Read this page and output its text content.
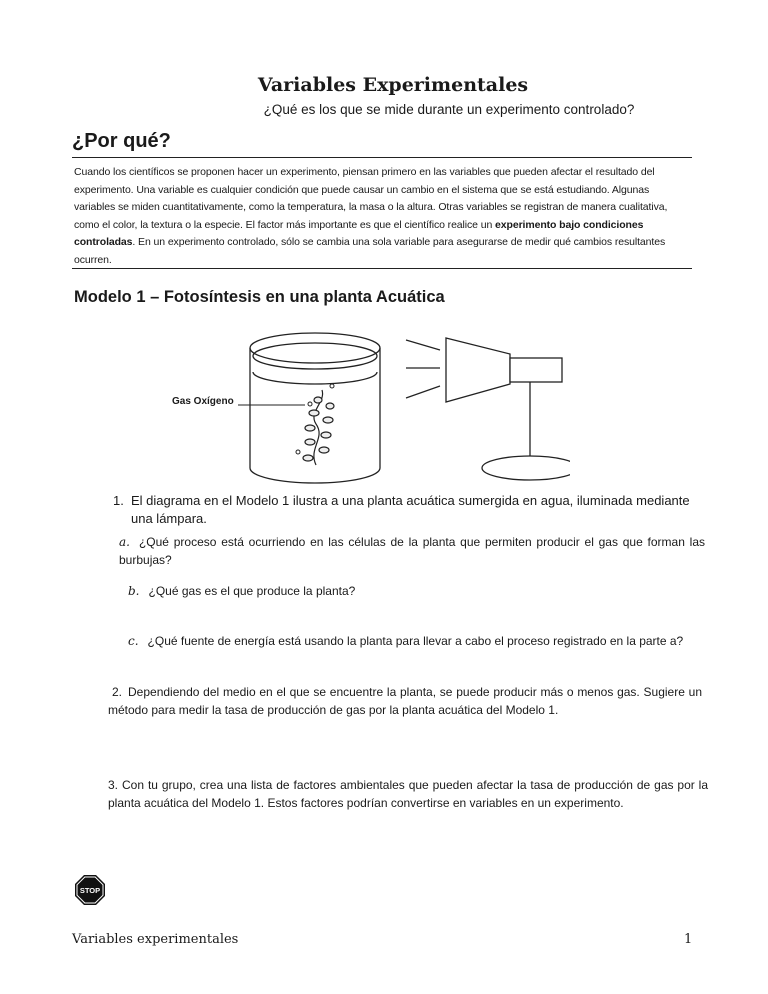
Variables Experimentales
¿Qué es los que se mide durante un experimento controlado?
¿Por qué?
Cuando los científicos se proponen hacer un experimento, piensan primero en las variables que pueden afectar el resultado del experimento. Una variable es cualquier condición que puede causar un cambio en el sistema que se está estudiando. Algunas variables se miden cuantitativamente, como la temperatura, la masa o la altura. Otras variables se registran de manera cualitativa, como el color, la textura o la especie. El factor más importante es que el científico realice un experimento bajo condiciones controladas. En un experimento controlado, sólo se cambia una sola variable para asegurarse de medir qué cambios resultantes ocurren.
Modelo 1 – Fotosíntesis en una planta Acuática
Gas Oxígeno
1. El diagrama en el Modelo 1 ilustra a una planta acuática sumergida en agua, iluminada mediante una lámpara.
a. ¿Qué proceso está ocurriendo en las células de la planta que permiten producir el gas que forman las burbujas?
b. ¿Qué gas es el que produce la planta?
c. ¿Qué fuente de energía está usando la planta para llevar a cabo el proceso registrado en la parte a?
2. Dependiendo del medio en el que se encuentre la planta, se puede producir más o menos gas. Sugiere un método para medir la tasa de producción de gas por la planta acuática del Modelo 1.
3. Con tu grupo, crea una lista de factores ambientales que pueden afectar la tasa de producción de gas por la planta acuática del Modelo 1. Estos factores podrían convertirse en variables en un experimento.
STOP
Variables experimentales	1
